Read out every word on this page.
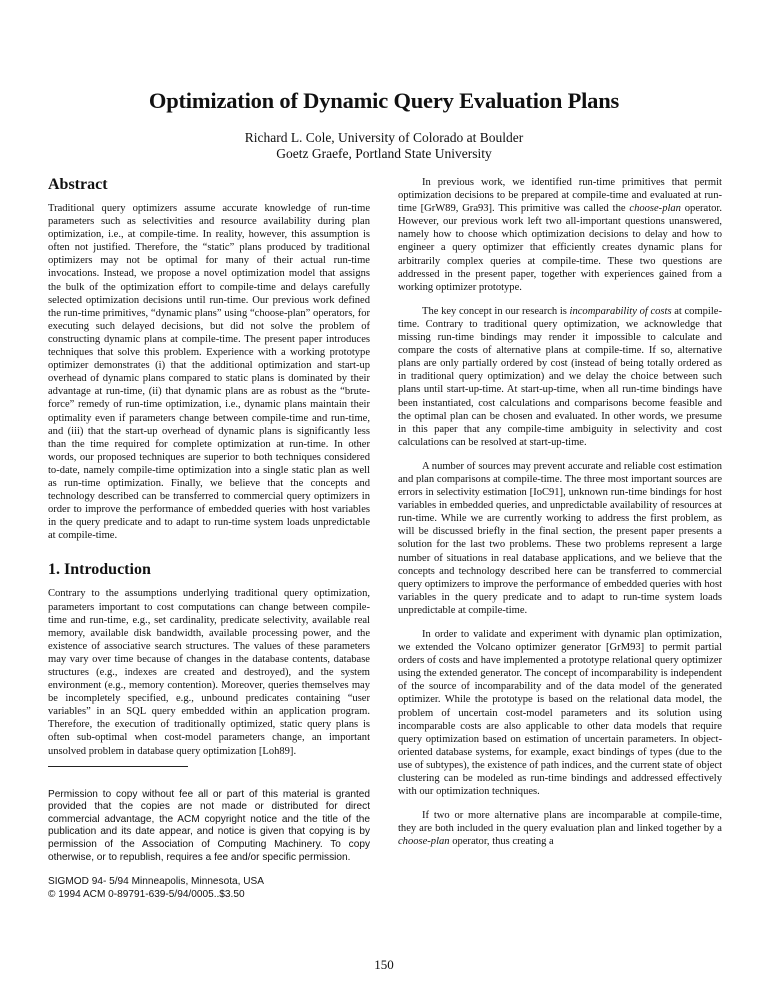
Optimization of Dynamic Query Evaluation Plans
Richard L. Cole, University of Colorado at Boulder
Goetz Graefe, Portland State University
Abstract

Traditional query optimizers assume accurate knowledge of run-time parameters such as selectivities and resource availability during plan optimization, i.e., at compile-time. In reality, however, this assumption is often not justified. Therefore, the “static” plans produced by traditional optimizers may not be optimal for many of their actual run-time invocations. Instead, we propose a novel optimization model that assigns the bulk of the optimization effort to compile-time and delays carefully selected optimization decisions until run-time. Our previous work defined the run-time primitives, “dynamic plans” using “choose-plan” operators, for executing such delayed decisions, but did not solve the problem of constructing dynamic plans at compile-time. The present paper introduces techniques that solve this problem. Experience with a working prototype optimizer demonstrates (i) that the additional optimization and start-up overhead of dynamic plans compared to static plans is dominated by their advantage at run-time, (ii) that dynamic plans are as robust as the “brute-force” remedy of run-time optimization, i.e., dynamic plans maintain their optimality even if parameters change between compile-time and run-time, and (iii) that the start-up overhead of dynamic plans is significantly less than the time required for complete optimization at run-time. In other words, our proposed techniques are superior to both techniques considered to-date, namely compile-time optimization into a single static plan as well as run-time optimization. Finally, we believe that the concepts and technology described can be transferred to commercial query optimizers in order to improve the performance of embedded queries with host variables in the query predicate and to adapt to run-time system loads unpredictable at compile-time.

1. Introduction

Contrary to the assumptions underlying traditional query optimization, parameters important to cost computations can change between compile-time and run-time, e.g., set cardinality, predicate selectivity, available real memory, available disk bandwidth, available processing power, and the existence of associative search structures. The values of these parameters may vary over time because of changes in the database contents, database structures (e.g., indexes are created and destroyed), and the system environment (e.g., memory contention). Moreover, queries themselves may be incompletely specified, e.g., unbound predicates containing “user variables” in an SQL query embedded within an application program. Therefore, the execution of traditionally optimized, static query plans is often sub-optimal when cost-model parameters change, an important unsolved problem in database query optimization [Loh89].

Permission to copy without fee all or part of this material is granted provided that the copies are not made or distributed for direct commercial advantage, the ACM copyright notice and the title of the publication and its date appear, and notice is given that copying is by permission of the Association of Computing Machinery. To copy otherwise, or to republish, requires a fee and/or specific permission.

SIGMOD 94- 5/94 Minneapolis, Minnesota, USA
© 1994 ACM 0-89791-639-5/94/0005..$3.50

In previous work, we identified run-time primitives that permit optimization decisions to be prepared at compile-time and evaluated at run-time [GrW89, Gra93]. This primitive was called the choose-plan operator. However, our previous work left two all-important questions unanswered, namely how to choose which optimization decisions to delay and how to engineer a query optimizer that efficiently creates dynamic plans for arbitrarily complex queries at compile-time. These two questions are addressed in the present paper, together with experiences gained from a working optimizer prototype.

The key concept in our research is incomparability of costs at compile-time. Contrary to traditional query optimization, we acknowledge that missing run-time bindings may render it impossible to calculate and compare the costs of alternative plans at compile-time. If so, alternative plans are only partially ordered by cost (instead of being totally ordered as in traditional query optimization) and we delay the choice between such plans until start-up-time. At start-up-time, when all run-time bindings have been instantiated, cost calculations and comparisons become feasible and the optimal plan can be chosen and evaluated. In other words, we presume in this paper that any compile-time ambiguity in selectivity and cost calculations can be resolved at start-up-time.

A number of sources may prevent accurate and reliable cost estimation and plan comparisons at compile-time. The three most important sources are errors in selectivity estimation [IoC91], unknown run-time bindings for host variables in embedded queries, and unpredictable availability of resources at run-time. While we are currently working to address the first problem, as will be discussed briefly in the final section, the present paper presents a solution for the last two problems. These two problems represent a large number of situations in real database applications, and we believe that the concepts and technology described here can be transferred to commercial query optimizers to improve the performance of embedded queries with host variables in the query predicate and to adapt to run-time system loads unpredictable at compile-time.

In order to validate and experiment with dynamic plan optimization, we extended the Volcano optimizer generator [GrM93] to permit partial orders of costs and have implemented a prototype relational query optimizer using the extended generator. The concept of incomparability is independent of the source of incomparability and of the data model of the generated optimizer. While the prototype is based on the relational data model, the problem of uncertain cost-model parameters and its solution using incomparable costs are also applicable to other data models that require query optimization based on estimation of uncertain parameters. In object-oriented database systems, for example, exact bindings of types (due to the use of subtypes), the existence of path indices, and the current state of object clustering can be modeled as run-time bindings and addressed effectively with our optimization techniques.

If two or more alternative plans are incomparable at compile-time, they are both included in the query evaluation plan and linked together by a choose-plan operator, thus creating a

150
